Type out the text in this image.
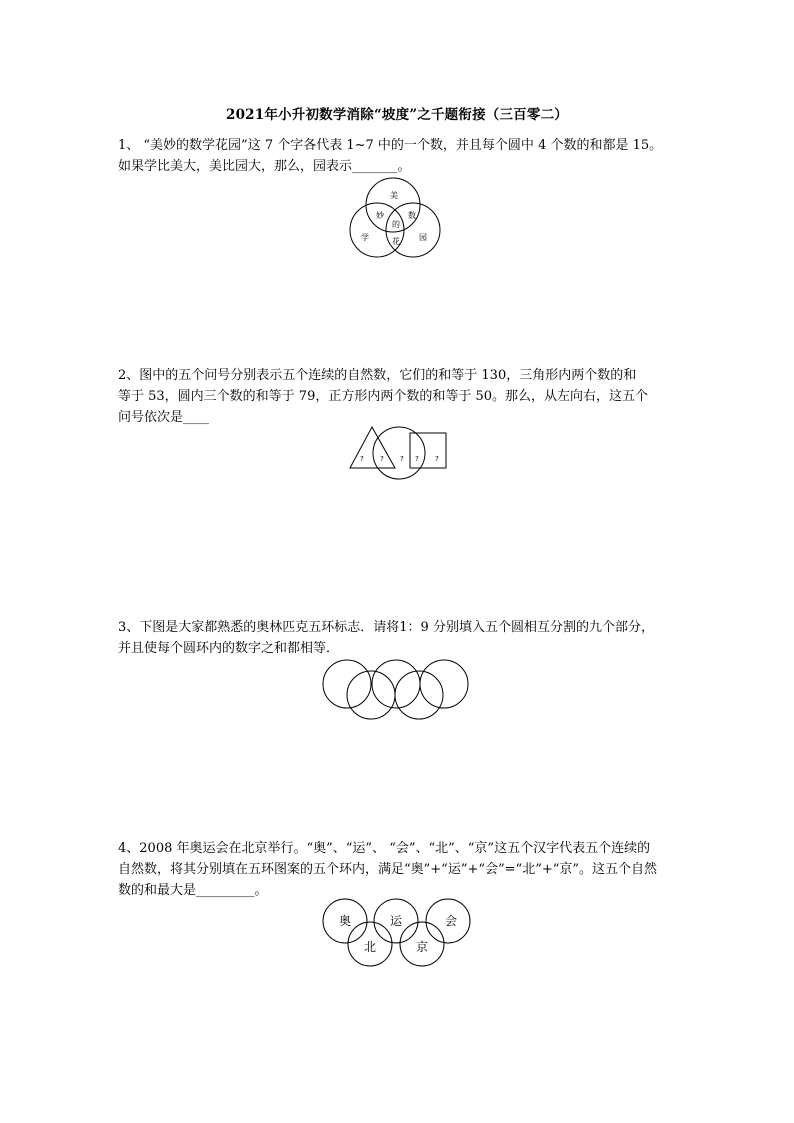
2021年小升初数学消除“坡度”之千题衔接（三百零二）

1、 “美妙的数学花园”这 7 个字各代表 1~7 中的一个数，并且每个圆中 4 个数的和都是 15。

如果学比美大，美比园大，那么，园表示_______。

美
妙	数
的
学	花 园

2、图中的五个问号分别表示五个连续的自然数，它们的和等于 130，三角形内两个数的和

等于 53，圆内三个数的和等于 79，正方形内两个数的和等于 50。那么，从左向右，这五个

问号依次是____

? ? ? ? ?

3、下图是大家都熟悉的奥林匹克五环标志．请将1：9 分别填入五个圆相互分割的九个部分，

并且使每个圆环内的数字之和都相等．

4、2008 年奥运会在北京举行。“奥”、“运”、 “会”、“北”、“京”这五个汉字代表五个连续的

自然数，将其分别填在五环图案的五个环内，满足“奥”+“运”+“会”=“北”+“京”。这五个自然

数的和最大是_________。

奥	运	会
北	京
